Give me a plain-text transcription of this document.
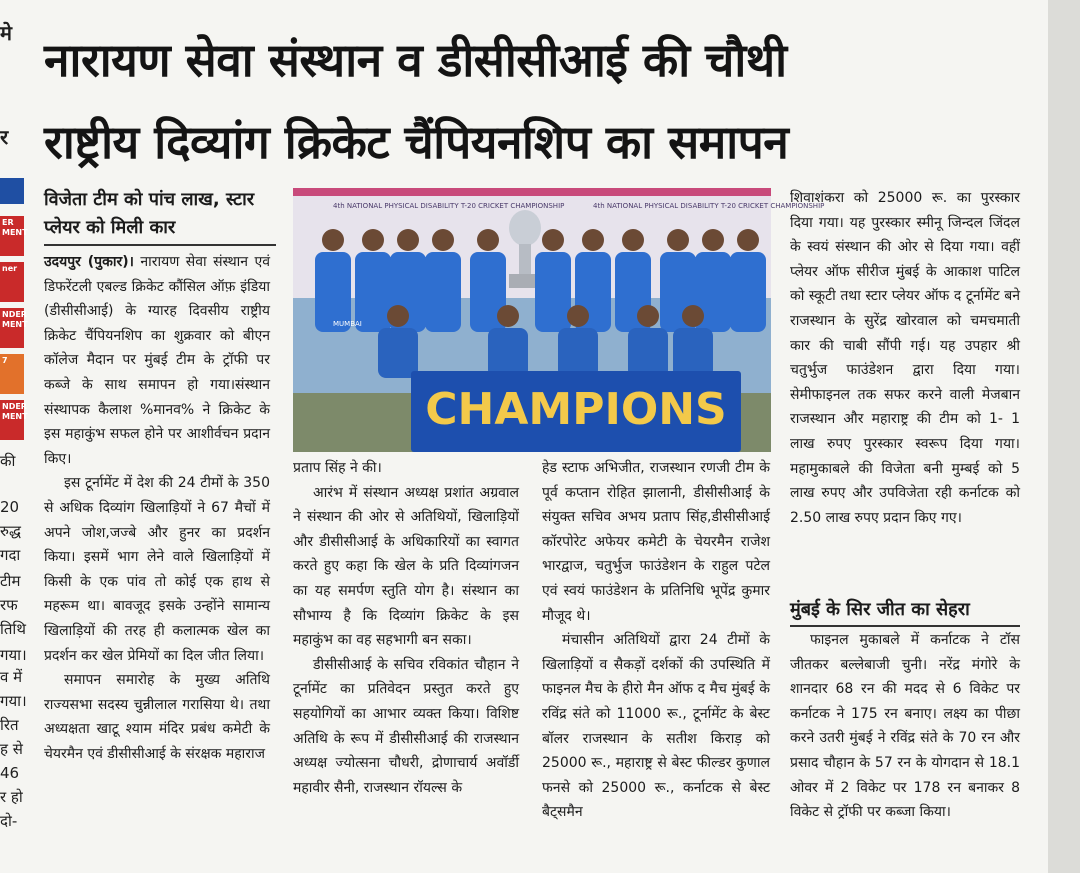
मे
र
ER MENT
ner
NDER MENT
7
NDER MENT
की
20
रुद्ध
गदा
टीम
रफ
तिथि
गया।
व में
गया।
रित
ह से
46
र हो
दो-
नारायण सेवा संस्थान व डीसीसीआई की चौथी
राष्ट्रीय दिव्यांग क्रिकेट चैंपियनशिप का समापन
विजेता टीम को पांच लाख, स्टार प्लेयर को मिली कार

उदयपुर (पुकार)। नारायण सेवा संस्थान एवं डिफरेंटली एबल्ड क्रिकेट कौंसिल ऑफ़ इंडिया (डीसीसीआई) के ग्यारह दिवसीय राष्ट्रीय क्रिकेट चैंपियनशिप का शुक्रवार को बीएन कॉलेज मैदान पर मुंबई टीम के ट्रॉफी पर कब्जे के साथ समापन हो गया।संस्थान संस्थापक कैलाश %मानव% ने क्रिकेट के इस महाकुंभ सफल होने पर आशीर्वचन प्रदान किए।

इस टूर्नामेंट में देश की 24 टीमों के 350 से अधिक दिव्यांग खिलाड़ियों ने 67 मैचों में अपने जोश,जज्बे और हुनर का प्रदर्शन किया। इसमें भाग लेने वाले खिलाड़ियों में किसी के एक पांव तो कोई एक हाथ से महरूम था। बावजूद इसके उन्होंने सामान्य खिलाड़ियों की तरह ही कलात्मक खेल का प्रदर्शन कर खेल प्रेमियों का दिल जीत लिया।

समापन समारोह के मुख्य अतिथि राज्यसभा सदस्य चुन्नीलाल गरासिया थे। तथा अध्यक्षता खाटू श्याम मंदिर प्रबंध कमेटी के चेयरमैन एवं डीसीसीआई के संरक्षक महाराज

4th NATIONAL PHYSICAL DISABILITY T-20 CRICKET CHAMPIONSHIP
4th NATIONAL PHYSICAL DISABILITY T-20 CRICKET CHAMPIONSHIP
CHAMPIONS
MUMBAI

प्रताप सिंह ने की।

आरंभ में संस्थान अध्यक्ष प्रशांत अग्रवाल ने संस्थान की ओर से अतिथियों, खिलाड़ियों और डीसीसीआई के अधिकारियों का स्वागत करते हुए कहा कि खेल के प्रति दिव्यांगजन का यह समर्पण स्तुति योग है। संस्थान का सौभाग्य है कि दिव्यांग क्रिकेट के इस महाकुंभ का वह सहभागी बन सका।

डीसीसीआई के सचिव रविकांत चौहान ने टूर्नामेंट का प्रतिवेदन प्रस्तुत करते हुए सहयोगियों का आभार व्यक्त किया। विशिष्ट अतिथि के रूप में डीसीसीआई की राजस्थान अध्यक्ष ज्योत्सना चौधरी, द्रोणाचार्य अवॉर्डी महावीर सैनी, राजस्थान रॉयल्स के

हेड स्टाफ अभिजीत, राजस्थान रणजी टीम के पूर्व कप्तान रोहित झालानी, डीसीसीआई के संयुक्त सचिव अभय प्रताप सिंह,डीसीसीआई कॉरपोरेट अफेयर कमेटी के चेयरमैन राजेश भारद्वाज, चतुर्भुज फाउंडेशन के राहुल पटेल एवं स्वयं फाउंडेशन के प्रतिनिधि भूपेंद्र कुमार मौजूद थे।

मंचासीन अतिथियों द्वारा 24 टीमों के खिलाड़ियों व सैकड़ों दर्शकों की उपस्थिति में फाइनल मैच के हीरो मैन ऑफ द मैच मुंबई के रविंद्र संते को 11000 रू., टूर्नामेंट के बेस्ट बॉलर राजस्थान के सतीश किराड़ को 25000 रू., महाराष्ट्र से बेस्ट फील्डर कुणाल फनसे को 25000 रू., कर्नाटक से बेस्ट बैट्समैन

शिवाशंकरा को 25000 रू. का पुरस्कार दिया गया। यह पुरस्कार स्मीनू जिन्दल जिंदल के स्वयं संस्थान की ओर से दिया गया। वहीं प्लेयर ऑफ सीरीज मुंबई के आकाश पाटिल को स्कूटी तथा स्टार प्लेयर ऑफ द टूर्नामेंट बने राजस्थान के सुरेंद्र खोरवाल को चमचमाती कार की चाबी सौंपी गई। यह उपहार श्री चतुर्भुज फाउंडेशन द्वारा दिया गया। सेमीफाइनल तक सफर करने वाली मेजबान राजस्थान और महाराष्ट्र की टीम को 1- 1 लाख रुपए पुरस्कार स्वरूप दिया गया। महामुकाबले की विजेता बनी मुम्बई को 5 लाख रुपए और उपविजेता रही कर्नाटक को 2.50 लाख रुपए प्रदान किए गए।

मुंबई के सिर जीत का सेहरा

फाइनल मुकाबले में कर्नाटक ने टॉस जीतकर बल्लेबाजी चुनी। नरेंद्र मंगोरे के शानदार 68 रन की मदद से 6 विकेट पर कर्नाटक ने 175 रन बनाए। लक्ष्य का पीछा करने उतरी मुंबई ने रविंद्र संते के 70 रन और प्रसाद चौहान के 57 रन के योगदान से 18.1 ओवर में 2 विकेट पर 178 रन बनाकर 8 विकेट से ट्रॉफी पर कब्जा किया।
